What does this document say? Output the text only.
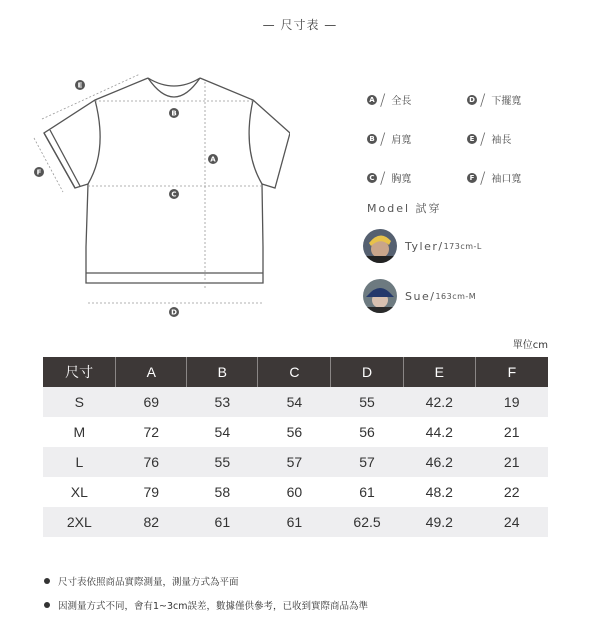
— 尺寸表 —
E
B
A
C
F
D
A / 全長	D / 下擺寬
B / 肩寬	E / 袖長
C / 胸寬	F / 袖口寬
Model 試穿
Tyler/ 173cm-L
Sue/ 163cm-M
單位cm
尺寸	A	B	C	D	E	F
S	69	53	54	55	42.2	19
M	72	54	56	56	44.2	21
L	76	55	57	57	46.2	21
XL	79	58	60	61	48.2	22
2XL	82	61	61	62.5	49.2	24
尺寸表依照商品實際測量，測量方式為平面
因測量方式不同，會有1~3cm誤差，數據僅供參考，已收到實際商品為準
